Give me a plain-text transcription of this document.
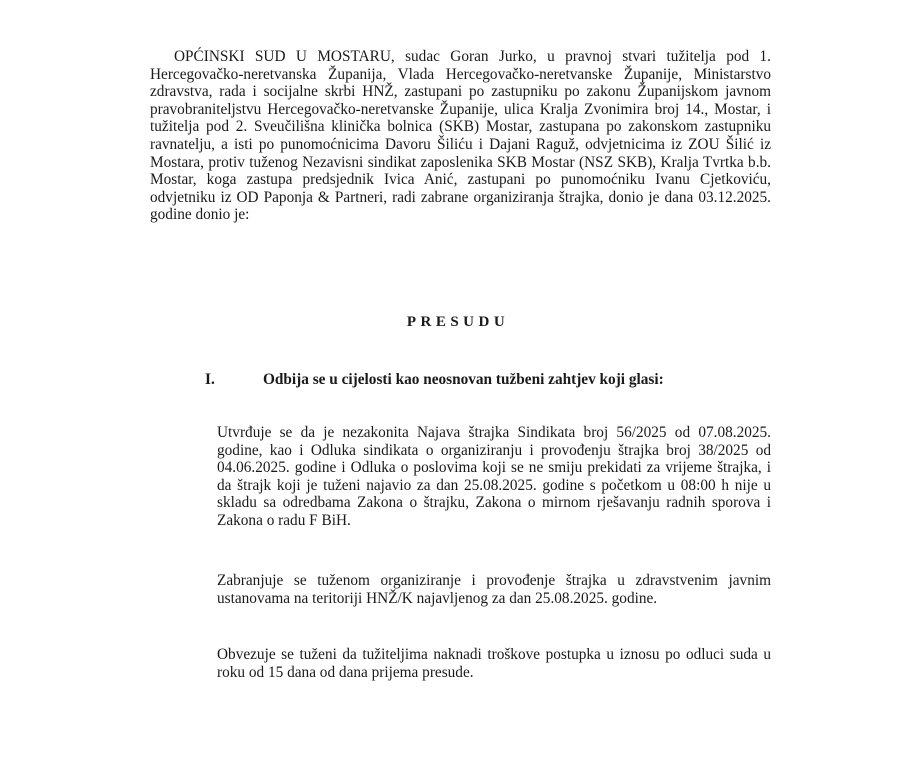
OPĆINSKI SUD U MOSTARU, sudac Goran Jurko, u pravnoj stvari tužitelja pod 1. Hercegovačko-neretvanska Županija, Vlada Hercegovačko-neretvanske Županije, Ministarstvo zdravstva, rada i socijalne skrbi HNŽ, zastupani po zastupniku po zakonu Županijskom javnom pravobraniteljstvu Hercegovačko-neretvanske Županije, ulica Kralja Zvonimira broj 14., Mostar, i tužitelja pod 2. Sveučilišna klinička bolnica (SKB) Mostar, zastupana po zakonskom zastupniku ravnatelju, a isti po punomoćnicima Davoru Šiliću i Dajani Raguž, odvjetnicima iz ZOU Šilić iz Mostara, protiv tuženog Nezavisni sindikat zaposlenika SKB Mostar (NSZ SKB), Kralja Tvrtka b.b. Mostar, koga zastupa predsjednik Ivica Anić, zastupani po punomoćniku Ivanu Cjetkoviću, odvjetniku iz OD Paponja & Partneri, radi zabrane organiziranja štrajka, donio je dana 03.12.2025. godine donio je:
PRESUDU
I.	Odbija se u cijelosti kao neosnovan tužbeni zahtjev koji glasi:
Utvrđuje se da je nezakonita Najava štrajka Sindikata broj 56/2025 od 07.08.2025. godine, kao i Odluka sindikata o organiziranju i provođenju štrajka broj 38/2025 od 04.06.2025. godine i Odluka o poslovima koji se ne smiju prekidati za vrijeme štrajka, i da štrajk koji je tuženi najavio za dan 25.08.2025. godine s početkom u 08:00 h nije u skladu sa odredbama Zakona o štrajku, Zakona o mirnom rješavanju radnih sporova i Zakona o radu F BiH.
Zabranjuje se tuženom organiziranje i provođenje štrajka u zdravstvenim javnim ustanovama na teritoriji HNŽ/K najavljenog za dan 25.08.2025. godine.
Obvezuje se tuženi da tužiteljima naknadi troškove postupka u iznosu po odluci suda u roku od 15 dana od dana prijema presude.
